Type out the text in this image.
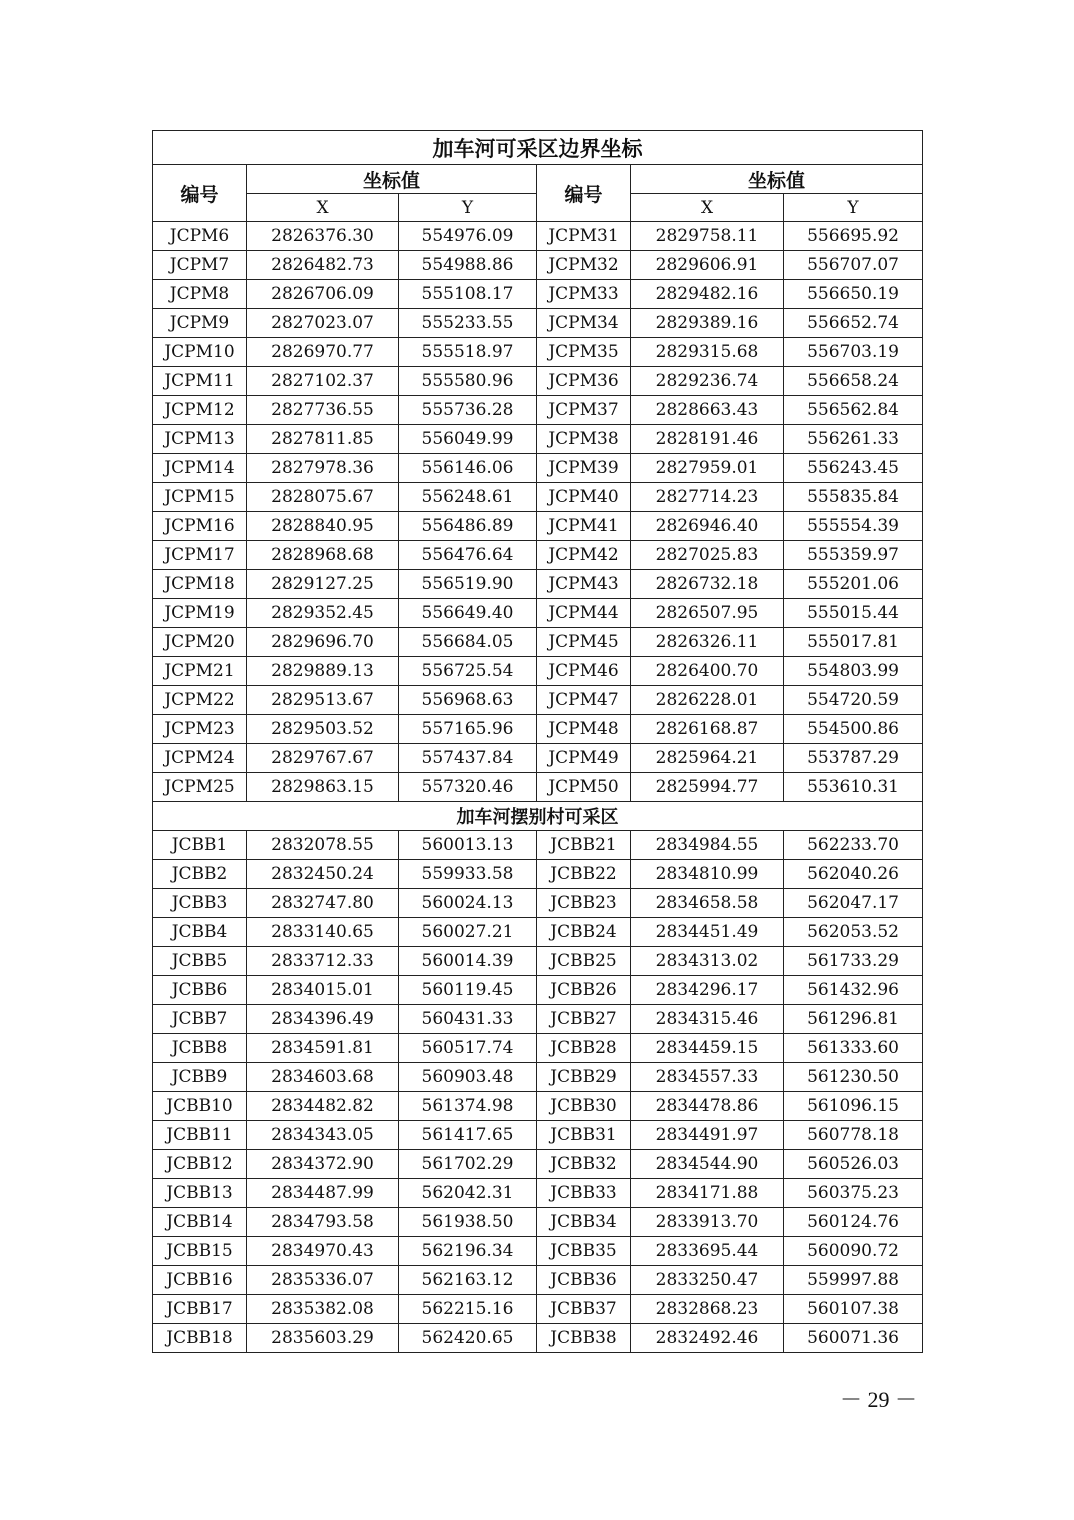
加车河可采区边界坐标					
编号	坐标值		编号	坐标值	
	X	Y		X	Y
JCPM6	2826376.30	554976.09	JCPM31	2829758.11	556695.92
JCPM7	2826482.73	554988.86	JCPM32	2829606.91	556707.07
JCPM8	2826706.09	555108.17	JCPM33	2829482.16	556650.19
JCPM9	2827023.07	555233.55	JCPM34	2829389.16	556652.74
JCPM10	2826970.77	555518.97	JCPM35	2829315.68	556703.19
JCPM11	2827102.37	555580.96	JCPM36	2829236.74	556658.24
JCPM12	2827736.55	555736.28	JCPM37	2828663.43	556562.84
JCPM13	2827811.85	556049.99	JCPM38	2828191.46	556261.33
JCPM14	2827978.36	556146.06	JCPM39	2827959.01	556243.45
JCPM15	2828075.67	556248.61	JCPM40	2827714.23	555835.84
JCPM16	2828840.95	556486.89	JCPM41	2826946.40	555554.39
JCPM17	2828968.68	556476.64	JCPM42	2827025.83	555359.97
JCPM18	2829127.25	556519.90	JCPM43	2826732.18	555201.06
JCPM19	2829352.45	556649.40	JCPM44	2826507.95	555015.44
JCPM20	2829696.70	556684.05	JCPM45	2826326.11	555017.81
JCPM21	2829889.13	556725.54	JCPM46	2826400.70	554803.99
JCPM22	2829513.67	556968.63	JCPM47	2826228.01	554720.59
JCPM23	2829503.52	557165.96	JCPM48	2826168.87	554500.86
JCPM24	2829767.67	557437.84	JCPM49	2825964.21	553787.29
JCPM25	2829863.15	557320.46	JCPM50	2825994.77	553610.31
加车河摆别村可采区					
JCBB1	2832078.55	560013.13	JCBB21	2834984.55	562233.70
JCBB2	2832450.24	559933.58	JCBB22	2834810.99	562040.26
JCBB3	2832747.80	560024.13	JCBB23	2834658.58	562047.17
JCBB4	2833140.65	560027.21	JCBB24	2834451.49	562053.52
JCBB5	2833712.33	560014.39	JCBB25	2834313.02	561733.29
JCBB6	2834015.01	560119.45	JCBB26	2834296.17	561432.96
JCBB7	2834396.49	560431.33	JCBB27	2834315.46	561296.81
JCBB8	2834591.81	560517.74	JCBB28	2834459.15	561333.60
JCBB9	2834603.68	560903.48	JCBB29	2834557.33	561230.50
JCBB10	2834482.82	561374.98	JCBB30	2834478.86	561096.15
JCBB11	2834343.05	561417.65	JCBB31	2834491.97	560778.18
JCBB12	2834372.90	561702.29	JCBB32	2834544.90	560526.03
JCBB13	2834487.99	562042.31	JCBB33	2834171.88	560375.23
JCBB14	2834793.58	561938.50	JCBB34	2833913.70	560124.76
JCBB15	2834970.43	562196.34	JCBB35	2833695.44	560090.72
JCBB16	2835336.07	562163.12	JCBB36	2833250.47	559997.88
JCBB17	2835382.08	562215.16	JCBB37	2832868.23	560107.38
JCBB18	2835603.29	562420.65	JCBB38	2832492.46	560071.36
－ 29 －
